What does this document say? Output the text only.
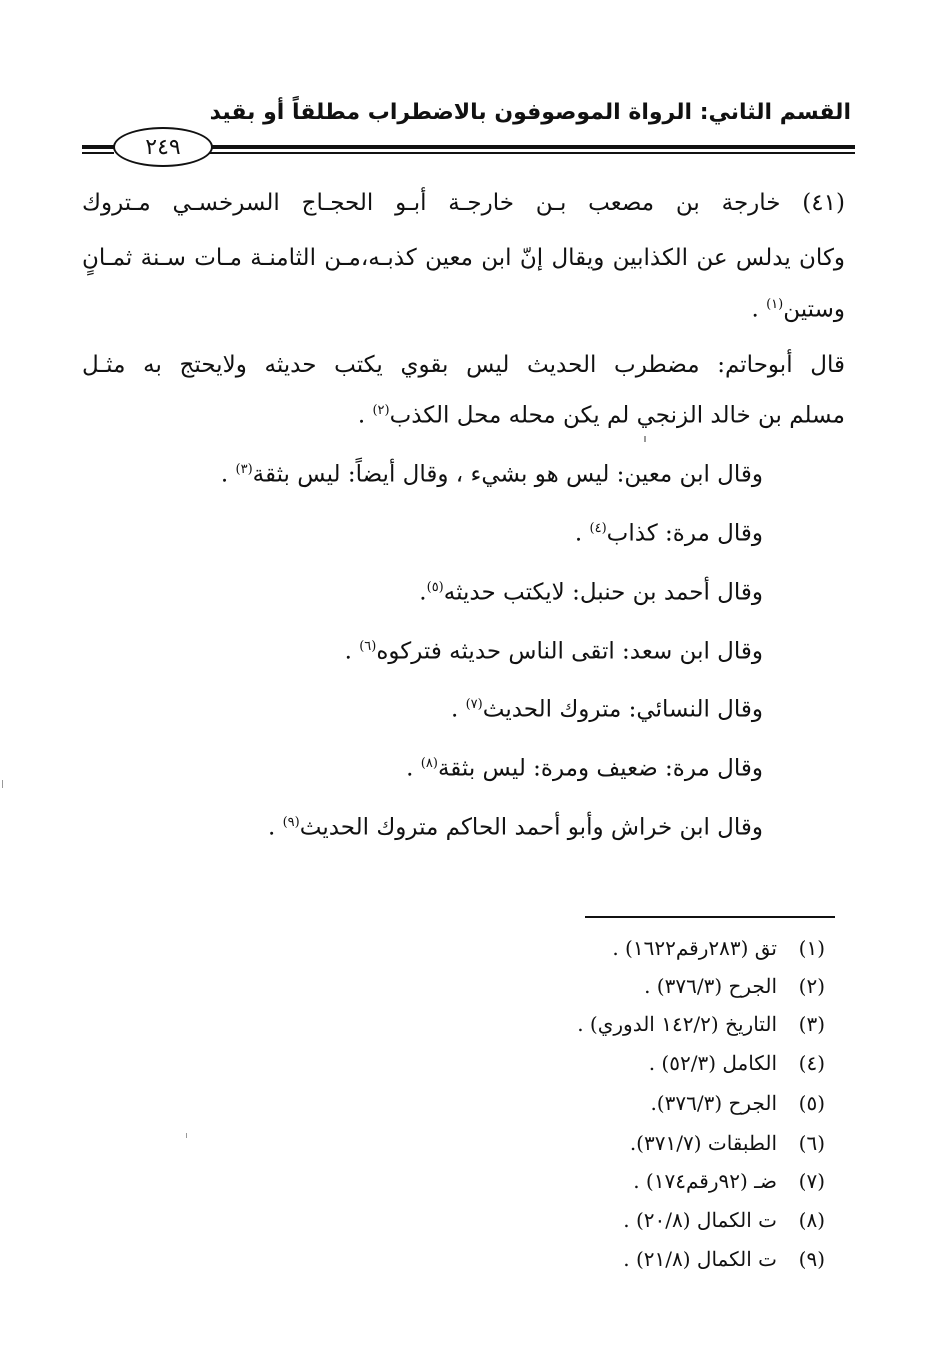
القسم الثاني: الرواة الموصوفون بالاضطراب مطلقاً أو بقيد
٢٤٩
(٤١) خارجة بن مصعب بـن خارجـة أبـو الحجـاج السرخسـي مـتروك
وكان يدلس عن الكذابين ويقال إنّ ابن معين كذبـه،مـن الثامنـة مـات سـنة ثمـانٍ
وستين$^{(١)}$ .
قال أبوحاتم: مضطرب الحديث ليس بقوي يكتب حديثه ولايحتج به مثـل
مسلم بن خالد الزنجي لم يكن محله محل الكذب$^{(٢)}$ .
وقال ابن معين: ليس هو بشيء ، وقال أيضاً: ليس بثقة$^{(٣)}$ .
وقال مرة: كذاب$^{(٤)}$ .
وقال أحمد بن حنبل: لايكتب حديثه$^{(٥)}$.
وقال ابن سعد: اتقى الناس حديثه فتركوه$^{(٦)}$ .
وقال النسائي: متروك الحديث$^{(٧)}$ .
وقال مرة: ضعيف ومرة: ليس بثقة$^{(٨)}$ .
وقال ابن خراش وأبو أحمد الحاكم متروك الحديث$^{(٩)}$ .
(١)تق (٢٨٣رقم١٦٢٢) .
(٢)الجرح (٣٧٦/٣) .
(٣)التاريخ (١٤٢/٢ الدوري) .
(٤)الكامل (٥٢/٣) .
(٥)الجرح (٣٧٦/٣).
(٦)الطبقات (٣٧١/٧).
(٧)ضـ (٩٢رقم١٧٤) .
(٨)ت الكمال (٢٠/٨) .
(٩)ت الكمال (٢١/٨) .
